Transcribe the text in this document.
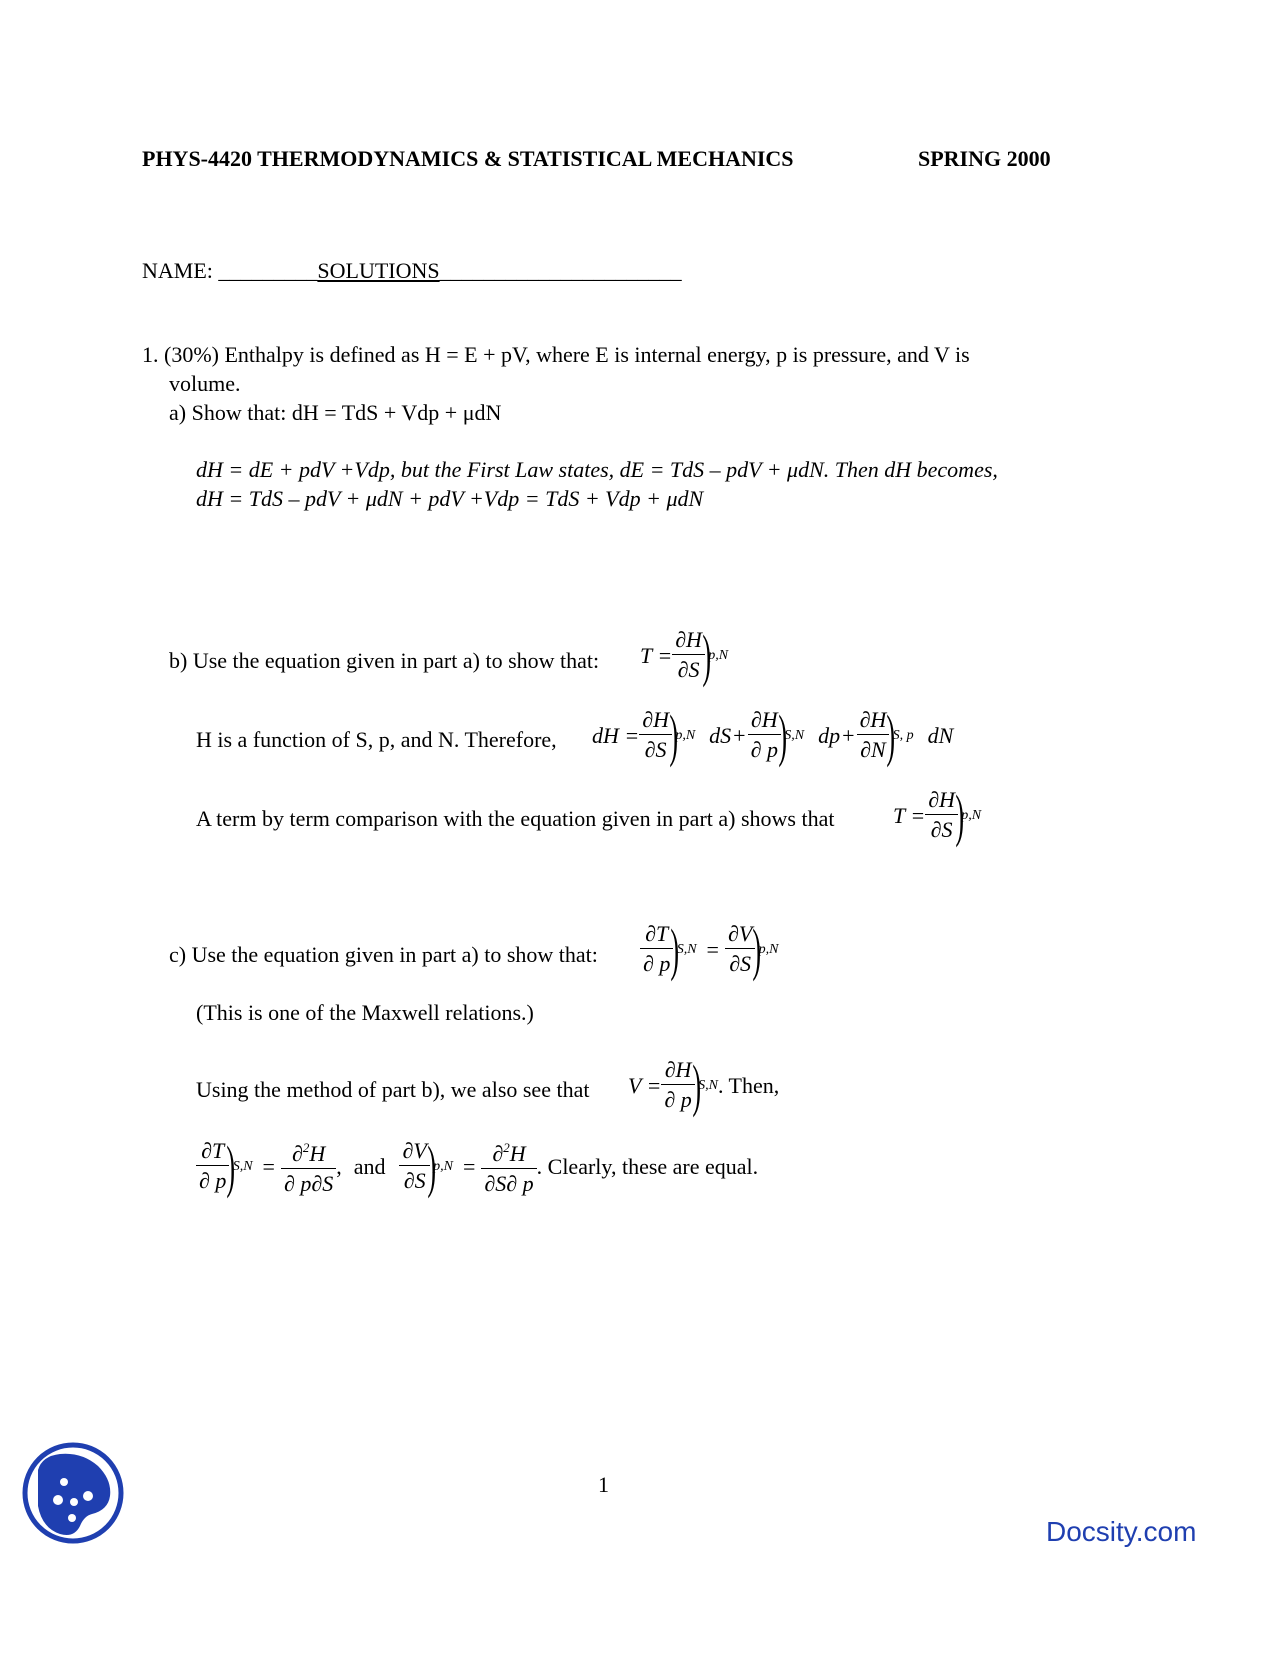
PHYS-4420 THERMODYNAMICS & STATISTICAL MECHANICS	SPRING 2000
NAME: _________SOLUTIONS______________________
1. (30%) Enthalpy is defined as H = E + pV, where E is internal energy, p is pressure, and V is
volume.
a) Show that: dH = TdS + Vdp + μdN
dH = dE + pdV +Vdp, but the First Law states, dE = TdS – pdV + μdN. Then dH becomes,
dH = TdS – pdV + μdN + pdV +Vdp = TdS + Vdp + μdN
b) Use the equation given in part a) to show that: $T = \frac{\partial H}{\partial S}$
)
p,N
H is a function of S, p, and N. Therefore, dH = $\frac{\partial H}{\partial S}$
)
p,N dS + $\frac{\partial H}{\partial p}$
)
S,N dp + $\frac{\partial H}{\partial N}$
)
S, p dN
A term by term comparison with the equation given in part a) shows that	$T = \frac{\partial H}{\partial S}$
)
p,N
c) Use the equation given in part a) to show that: $\frac{\partial T}{\partial p}$
)
$S,N = \frac{\partial V}{\partial S}$
)
p,N
(This is one of the Maxwell relations.)
Using the method of part b), we also see that $V = \frac{\partial H}{\partial p}$
)
S,N . Then,
$\frac{\partial T}{\partial p}$
)
$S,N = \frac{\partial^2H}{\partial p\partial S}$ , and $\frac{\partial V}{\partial S}$
)
$p,N = \frac{\partial^2H}{\partial S\partial p}$ . Clearly, these are equal.
1
Docsity.com
